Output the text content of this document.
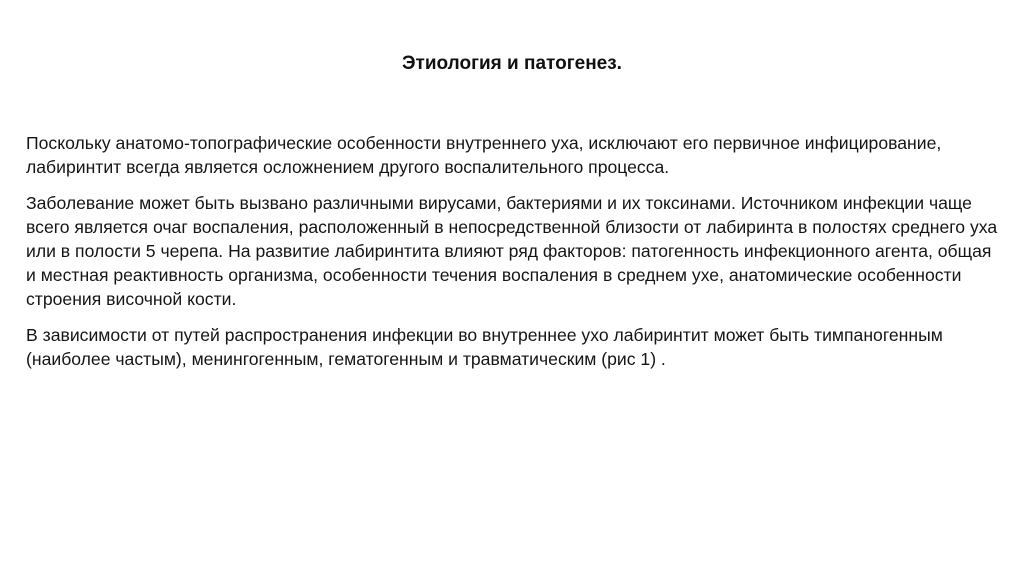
Этиология и патогенез.

Поскольку анатомо-топографические особенности внутреннего уха, исключают его первичное инфицирование, лабиринтит всегда является осложнением другого воспалительного процесса.

Заболевание может быть вызвано различными вирусами, бактериями и их токсинами. Источником инфекции чаще всего является очаг воспаления, расположенный в непосредственной близости от лабиринта в полостях среднего уха или в полости 5 черепа. На развитие лабиринтита влияют ряд факторов: патогенность инфекционного агента, общая и местная реактивность организма, особенности течения воспаления в среднем ухе, анатомические особенности строения височной кости.

В зависимости от путей распространения инфекции во внутреннее ухо лабиринтит может быть тимпаногенным (наиболее частым), менингогенным, гематогенным и травматическим (рис 1) .
